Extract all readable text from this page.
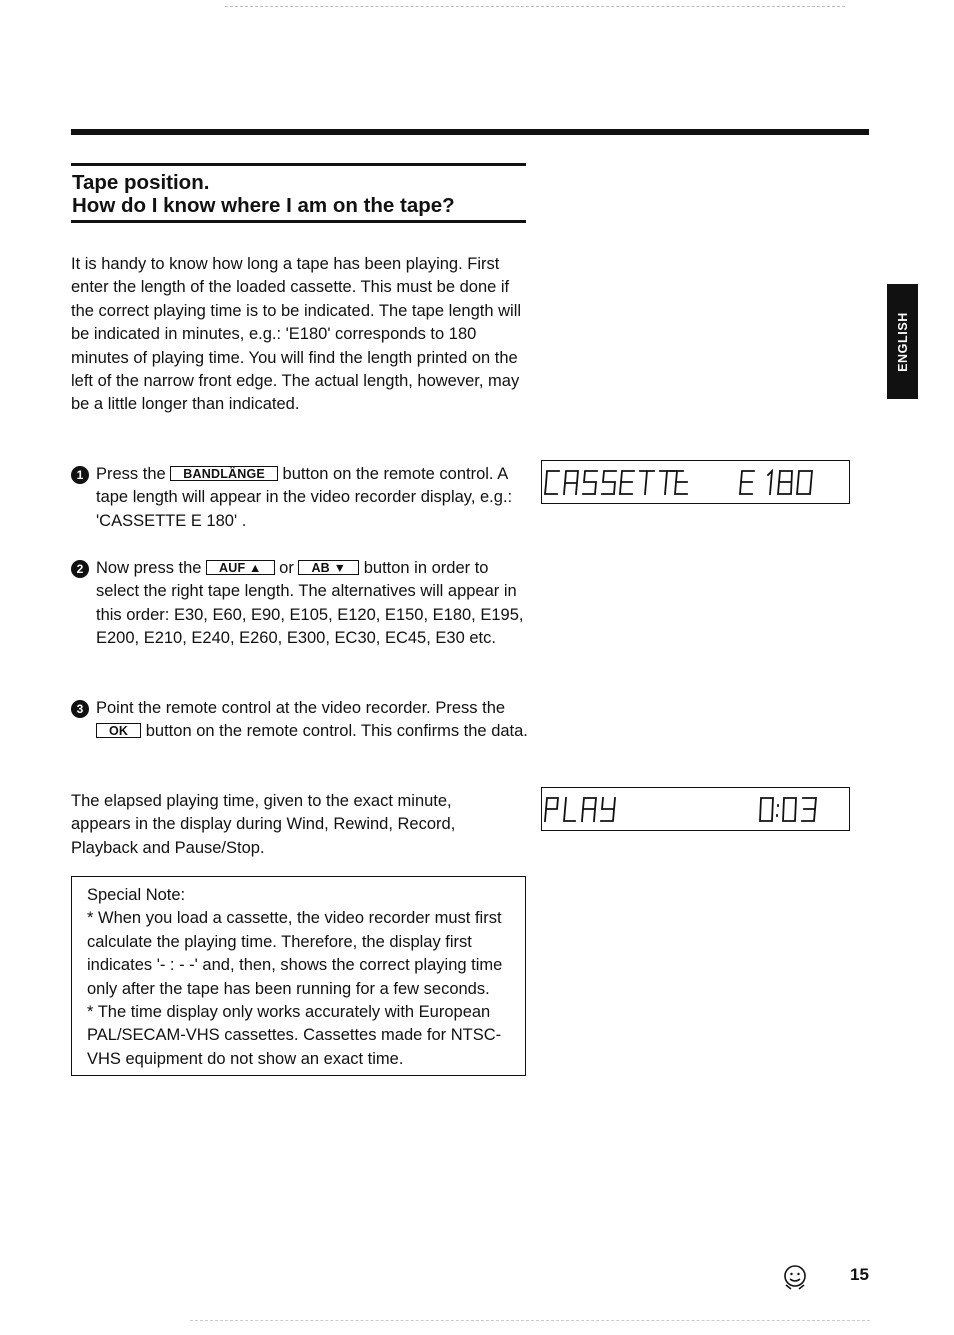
Tape position.
How do I know where I am on the tape?
It is handy to know how long a tape has been playing. First enter the length of the loaded cassette. This must be done if the correct playing time is to be indicated. The tape length will be indicated in minutes, e.g.: 'E180' corresponds to 180 minutes of playing time. You will find the length printed on the left of the narrow front edge. The actual length, however, may be a little longer than indicated.
1 Press the BANDLÄNGE button on the remote control. A tape length will appear in the video recorder display, e.g.: 'CASSETTE E 180' .
2 Now press the AUF ▲ or AB ▼ button in order to select the right tape length. The alternatives will appear in this order: E30, E60, E90, E105, E120, E150, E180, E195, E200, E210, E240, E260, E300, EC30, EC45, E30 etc.
3 Point the remote control at the video recorder. Press the OK button on the remote control. This confirms the data.
The elapsed playing time, given to the exact minute, appears in the display during Wind, Rewind, Record, Playback and Pause/Stop.
Special Note:
* When you load a cassette, the video recorder must first calculate the playing time. Therefore, the display first indicates '- : - -' and, then, shows the correct playing time only after the tape has been running for a few seconds.
* The time display only works accurately with European PAL/SECAM-VHS cassettes. Cassettes made for NTSC-VHS equipment do not show an exact time.
ENGLISH
15
